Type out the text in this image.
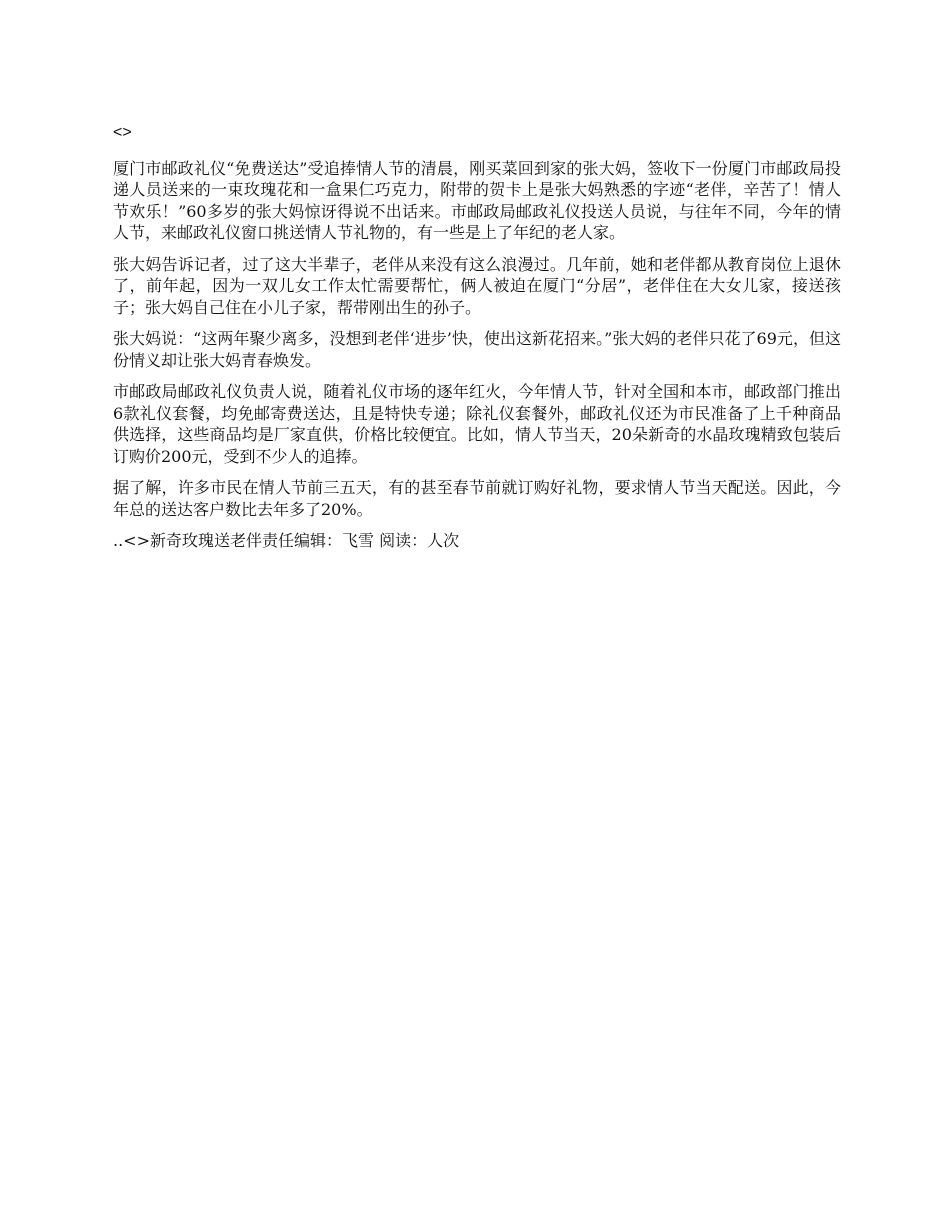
<>

厦门市邮政礼仪“免费送达”受追捧情人节的清晨，刚买菜回到家的张大妈，签收下一份厦门市邮政局投递人员送来的一束玫瑰花和一盒果仁巧克力，附带的贺卡上是张大妈熟悉的字迹“老伴，辛苦了！情人节欢乐！”60多岁的张大妈惊讶得说不出话来。市邮政局邮政礼仪投送人员说，与往年不同，今年的情人节，来邮政礼仪窗口挑送情人节礼物的，有一些是上了年纪的老人家。

张大妈告诉记者，过了这大半辈子，老伴从来没有这么浪漫过。几年前，她和老伴都从教育岗位上退休了，前年起，因为一双儿女工作太忙需要帮忙，俩人被迫在厦门“分居”，老伴住在大女儿家，接送孩子；张大妈自己住在小儿子家，帮带刚出生的孙子。

张大妈说：“这两年聚少离多，没想到老伴‘进步’快，使出这新花招来。”张大妈的老伴只花了69元，但这份情义却让张大妈青春焕发。

市邮政局邮政礼仪负责人说，随着礼仪市场的逐年红火，今年情人节，针对全国和本市，邮政部门推出6款礼仪套餐，均免邮寄费送达，且是特快专递；除礼仪套餐外，邮政礼仪还为市民准备了上千种商品供选择，这些商品均是厂家直供，价格比较便宜。比如，情人节当天，20朵新奇的水晶玫瑰精致包装后订购价200元，受到不少人的追捧。

据了解，许多市民在情人节前三五天，有的甚至春节前就订购好礼物，要求情人节当天配送。因此，今年总的送达客户数比去年多了20%。

..<>新奇玫瑰送老伴责任编辑：飞雪 阅读：人次
